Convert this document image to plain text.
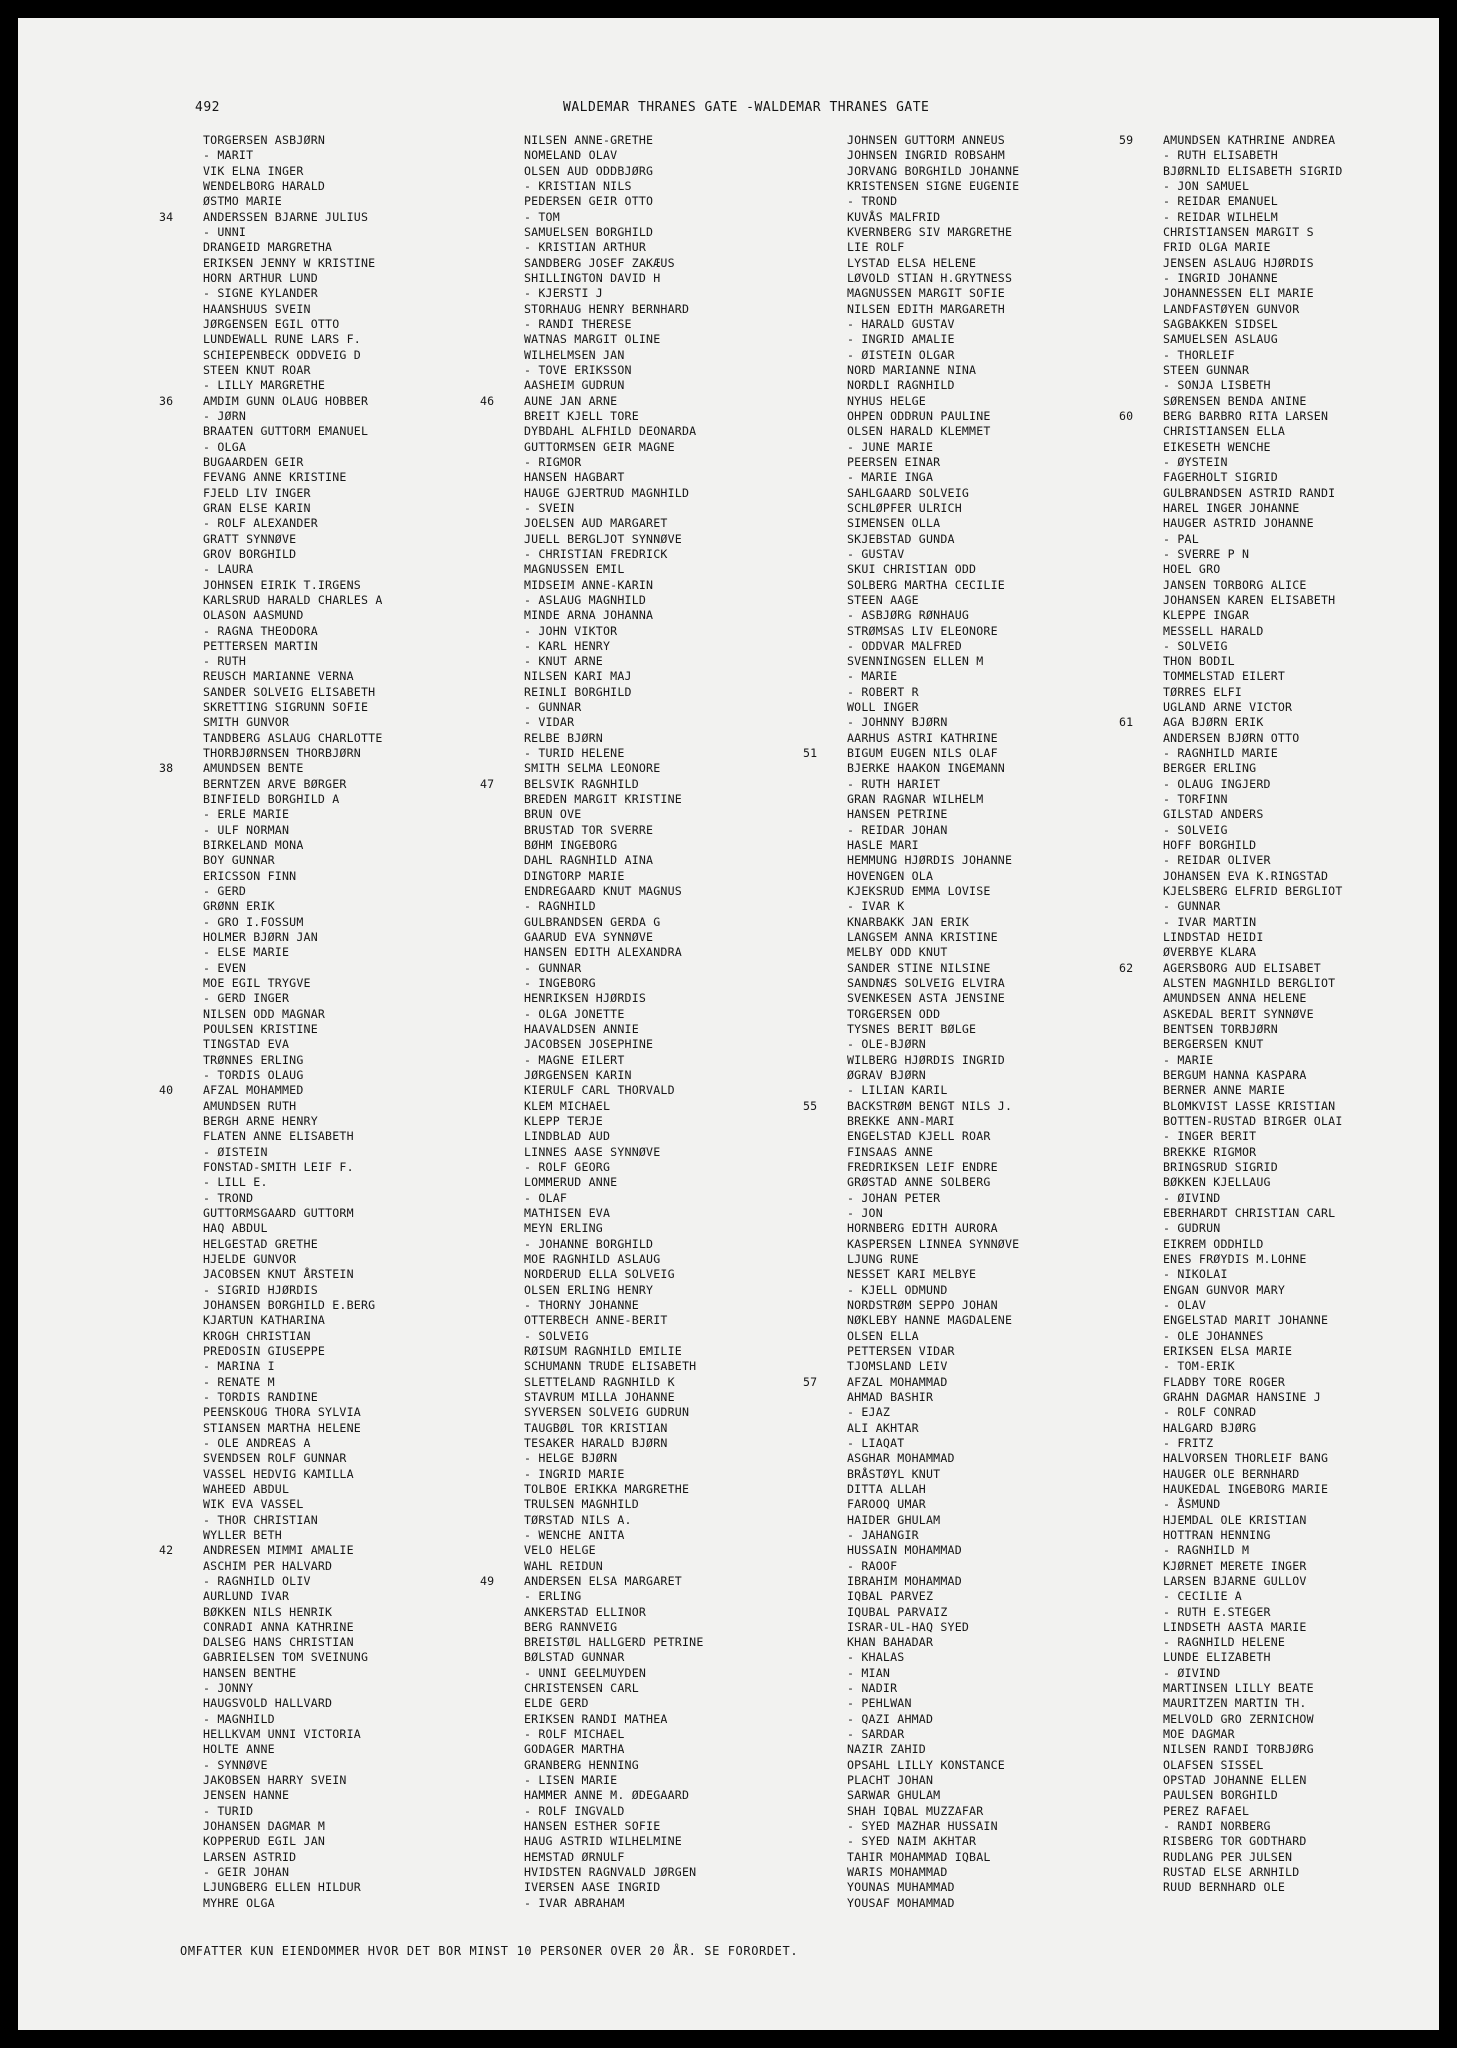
492	WALDEMAR THRANES GATE -WALDEMAR THRANES GATE
TORGERSEN ASBJØRN
- MARIT
VIK ELNA INGER
WENDELBORG HARALD
ØSTMO MARIE
34	ANDERSSEN BJARNE JULIUS
- UNNI
DRANGEID MARGRETHA
ERIKSEN JENNY W KRISTINE
HORN ARTHUR LUND
- SIGNE KYLANDER
HAANSHUUS SVEIN
JØRGENSEN EGIL OTTO
LUNDEWALL RUNE LARS F.
SCHIEPENBECK ODDVEIG D
STEEN KNUT ROAR
- LILLY MARGRETHE
36	AMDIM GUNN OLAUG HOBBER
- JØRN
BRAATEN GUTTORM EMANUEL
- OLGA
BUGAARDEN GEIR
FEVANG ANNE KRISTINE
FJELD LIV INGER
GRAN ELSE KARIN
- ROLF ALEXANDER
GRATT SYNNØVE
GROV BORGHILD
- LAURA
JOHNSEN EIRIK T.IRGENS
KARLSRUD HARALD CHARLES A
OLASON AASMUND
- RAGNA THEODORA
PETTERSEN MARTIN
- RUTH
REUSCH MARIANNE VERNA
SANDER SOLVEIG ELISABETH
SKRETTING SIGRUNN SOFIE
SMITH GUNVOR
TANDBERG ASLAUG CHARLOTTE
THORBJØRNSEN THORBJØRN
38	AMUNDSEN BENTE
BERNTZEN ARVE BØRGER
BINFIELD BORGHILD A
- ERLE MARIE
- ULF NORMAN
BIRKELAND MONA
BOY GUNNAR
ERICSSON FINN
- GERD
GRØNN ERIK
- GRO I.FOSSUM
HOLMER BJØRN JAN
- ELSE MARIE
- EVEN
MOE EGIL TRYGVE
- GERD INGER
NILSEN ODD MAGNAR
POULSEN KRISTINE
TINGSTAD EVA
TRØNNES ERLING
- TORDIS OLAUG
40	AFZAL MOHAMMED
AMUNDSEN RUTH
BERGH ARNE HENRY
FLATEN ANNE ELISABETH
- ØISTEIN
FONSTAD-SMITH LEIF F.
- LILL E.
- TROND
GUTTORMSGAARD GUTTORM
HAQ ABDUL
HELGESTAD GRETHE
HJELDE GUNVOR
JACOBSEN KNUT ÅRSTEIN
- SIGRID HJØRDIS
JOHANSEN BORGHILD E.BERG
KJARTUN KATHARINA
KROGH CHRISTIAN
PREDOSIN GIUSEPPE
- MARINA I
- RENATE M
- TORDIS RANDINE
PEENSKOUG THORA SYLVIA
STIANSEN MARTHA HELENE
- OLE ANDREAS A
SVENDSEN ROLF GUNNAR
VASSEL HEDVIG KAMILLA
WAHEED ABDUL
WIK EVA VASSEL
- THOR CHRISTIAN
WYLLER BETH
42	ANDRESEN MIMMI AMALIE
ASCHIM PER HALVARD
- RAGNHILD OLIV
AURLUND IVAR
BØKKEN NILS HENRIK
CONRADI ANNA KATHRINE
DALSEG HANS CHRISTIAN
GABRIELSEN TOM SVEINUNG
HANSEN BENTHE
- JONNY
HAUGSVOLD HALLVARD
- MAGNHILD
HELLKVAM UNNI VICTORIA
HOLTE ANNE
- SYNNØVE
JAKOBSEN HARRY SVEIN
JENSEN HANNE
- TURID
JOHANSEN DAGMAR M
KOPPERUD EGIL JAN
LARSEN ASTRID
- GEIR JOHAN
LJUNGBERG ELLEN HILDUR
MYHRE OLGA
NILSEN ANNE-GRETHE
NOMELAND OLAV
OLSEN AUD ODDBJØRG
- KRISTIAN NILS
PEDERSEN GEIR OTTO
- TOM
SAMUELSEN BORGHILD
- KRISTIAN ARTHUR
SANDBERG JOSEF ZAKÆUS
SHILLINGTON DAVID H
- KJERSTI J
STORHAUG HENRY BERNHARD
- RANDI THERESE
WATNAS MARGIT OLINE
WILHELMSEN JAN
- TOVE ERIKSSON
AASHEIM GUDRUN
46	AUNE JAN ARNE
BREIT KJELL TORE
DYBDAHL ALFHILD DEONARDA
GUTTORMSEN GEIR MAGNE
- RIGMOR
HANSEN HAGBART
HAUGE GJERTRUD MAGNHILD
- SVEIN
JOELSEN AUD MARGARET
JUELL BERGLJOT SYNNØVE
- CHRISTIAN FREDRICK
MAGNUSSEN EMIL
MIDSEIM ANNE-KARIN
- ASLAUG MAGNHILD
MINDE ARNA JOHANNA
- JOHN VIKTOR
- KARL HENRY
- KNUT ARNE
NILSEN KARI MAJ
REINLI BORGHILD
- GUNNAR
- VIDAR
RELBE BJØRN
- TURID HELENE
SMITH SELMA LEONORE
47	BELSVIK RAGNHILD
BREDEN MARGIT KRISTINE
BRUN OVE
BRUSTAD TOR SVERRE
BØHM INGEBORG
DAHL RAGNHILD AINA
DINGTORP MARIE
ENDREGAARD KNUT MAGNUS
- RAGNHILD
GULBRANDSEN GERDA G
GAARUD EVA SYNNØVE
HANSEN EDITH ALEXANDRA
- GUNNAR
- INGEBORG
HENRIKSEN HJØRDIS
- OLGA JONETTE
HAAVALDSEN ANNIE
JACOBSEN JOSEPHINE
- MAGNE EILERT
JØRGENSEN KARIN
KIERULF CARL THORVALD
KLEM MICHAEL
KLEPP TERJE
LINDBLAD AUD
LINNES AASE SYNNØVE
- ROLF GEORG
LOMMERUD ANNE
- OLAF
MATHISEN EVA
MEYN ERLING
- JOHANNE BORGHILD
MOE RAGNHILD ASLAUG
NORDERUD ELLA SOLVEIG
OLSEN ERLING HENRY
- THORNY JOHANNE
OTTERBECH ANNE-BERIT
- SOLVEIG
RØISUM RAGNHILD EMILIE
SCHUMANN TRUDE ELISABETH
SLETTELAND RAGNHILD K
STAVRUM MILLA JOHANNE
SYVERSEN SOLVEIG GUDRUN
TAUGBØL TOR KRISTIAN
TESAKER HARALD BJØRN
- HELGE BJØRN
- INGRID MARIE
TOLBOE ERIKKA MARGRETHE
TRULSEN MAGNHILD
TØRSTAD NILS A.
- WENCHE ANITA
VELO HELGE
WAHL REIDUN
49	ANDERSEN ELSA MARGARET
- ERLING
ANKERSTAD ELLINOR
BERG RANNVEIG
BREISTØL HALLGERD PETRINE
BØLSTAD GUNNAR
- UNNI GEELMUYDEN
CHRISTENSEN CARL
ELDE GERD
ERIKSEN RANDI MATHEA
- ROLF MICHAEL
GODAGER MARTHA
GRANBERG HENNING
- LISEN MARIE
HAMMER ANNE M. ØDEGAARD
- ROLF INGVALD
HANSEN ESTHER SOFIE
HAUG ASTRID WILHELMINE
HEMSTAD ØRNULF
HVIDSTEN RAGNVALD JØRGEN
IVERSEN AASE INGRID
- IVAR ABRAHAM
JOHNSEN GUTTORM ANNEUS
JOHNSEN INGRID ROBSAHM
JORVANG BORGHILD JOHANNE
KRISTENSEN SIGNE EUGENIE
- TROND
KUVÅS MALFRID
KVERNBERG SIV MARGRETHE
LIE ROLF
LYSTAD ELSA HELENE
LØVOLD STIAN H.GRYTNESS
MAGNUSSEN MARGIT SOFIE
NILSEN EDITH MARGARETH
- HARALD GUSTAV
- INGRID AMALIE
- ØISTEIN OLGAR
NORD MARIANNE NINA
NORDLI RAGNHILD
NYHUS HELGE
OHPEN ODDRUN PAULINE
OLSEN HARALD KLEMMET
- JUNE MARIE
PEERSEN EINAR
- MARIE INGA
SAHLGAARD SOLVEIG
SCHLØPFER ULRICH
SIMENSEN OLLA
SKJEBSTAD GUNDA
- GUSTAV
SKUI CHRISTIAN ODD
SOLBERG MARTHA CECILIE
STEEN AAGE
- ASBJØRG RØNHAUG
STRØMSAS LIV ELEONORE
- ODDVAR MALFRED
SVENNINGSEN ELLEN M
- MARIE
- ROBERT R
WOLL INGER
- JOHNNY BJØRN
AARHUS ASTRI KATHRINE
51	BIGUM EUGEN NILS OLAF
BJERKE HAAKON INGEMANN
- RUTH HARIET
GRAN RAGNAR WILHELM
HANSEN PETRINE
- REIDAR JOHAN
HASLE MARI
HEMMUNG HJØRDIS JOHANNE
HOVENGEN OLA
KJEKSRUD EMMA LOVISE
- IVAR K
KNARBAKK JAN ERIK
LANGSEM ANNA KRISTINE
MELBY ODD KNUT
SANDER STINE NILSINE
SANDNÆS SOLVEIG ELVIRA
SVENKESEN ASTA JENSINE
TORGERSEN ODD
TYSNES BERIT BØLGE
- OLE-BJØRN
WILBERG HJØRDIS INGRID
ØGRAV BJØRN
- LILIAN KARIL
55	BACKSTRØM BENGT NILS J.
BREKKE ANN-MARI
ENGELSTAD KJELL ROAR
FINSAAS ANNE
FREDRIKSEN LEIF ENDRE
GRØSTAD ANNE SOLBERG
- JOHAN PETER
- JON
HORNBERG EDITH AURORA
KASPERSEN LINNEA SYNNØVE
LJUNG RUNE
NESSET KARI MELBYE
- KJELL ODMUND
NORDSTRØM SEPPO JOHAN
NØKLEBY HANNE MAGDALENE
OLSEN ELLA
PETTERSEN VIDAR
TJOMSLAND LEIV
57	AFZAL MOHAMMAD
AHMAD BASHIR
- EJAZ
ALI AKHTAR
- LIAQAT
ASGHAR MOHAMMAD
BRÅSTØYL KNUT
DITTA ALLAH
FAROOQ UMAR
HAIDER GHULAM
- JAHANGIR
HUSSAIN MOHAMMAD
- RAOOF
IBRAHIM MOHAMMAD
IQBAL PARVEZ
IQUBAL PARVAIZ
ISRAR-UL-HAQ SYED
KHAN BAHADAR
- KHALAS
- MIAN
- NADIR
- PEHLWAN
- QAZI AHMAD
- SARDAR
NAZIR ZAHID
OPSAHL LILLY KONSTANCE
PLACHT JOHAN
SARWAR GHULAM
SHAH IQBAL MUZZAFAR
- SYED MAZHAR HUSSAIN
- SYED NAIM AKHTAR
TAHIR MOHAMMAD IQBAL
WARIS MOHAMMAD
YOUNAS MUHAMMAD
YOUSAF MOHAMMAD
59	AMUNDSEN KATHRINE ANDREA
- RUTH ELISABETH
BJØRNLID ELISABETH SIGRID
- JON SAMUEL
- REIDAR EMANUEL
- REIDAR WILHELM
CHRISTIANSEN MARGIT S
FRID OLGA MARIE
JENSEN ASLAUG HJØRDIS
- INGRID JOHANNE
JOHANNESSEN ELI MARIE
LANDFASTØYEN GUNVOR
SAGBAKKEN SIDSEL
SAMUELSEN ASLAUG
- THORLEIF
STEEN GUNNAR
- SONJA LISBETH
SØRENSEN BENDA ANINE
60	BERG BARBRO RITA LARSEN
CHRISTIANSEN ELLA
EIKESETH WENCHE
- ØYSTEIN
FAGERHOLT SIGRID
GULBRANDSEN ASTRID RANDI
HAREL INGER JOHANNE
HAUGER ASTRID JOHANNE
- PAL
- SVERRE P N
HOEL GRO
JANSEN TORBORG ALICE
JOHANSEN KAREN ELISABETH
KLEPPE INGAR
MESSELL HARALD
- SOLVEIG
THON BODIL
TOMMELSTAD EILERT
TØRRES ELFI
UGLAND ARNE VICTOR
61	AGA BJØRN ERIK
ANDERSEN BJØRN OTTO
- RAGNHILD MARIE
BERGER ERLING
- OLAUG INGJERD
- TORFINN
GILSTAD ANDERS
- SOLVEIG
HOFF BORGHILD
- REIDAR OLIVER
JOHANSEN EVA K.RINGSTAD
KJELSBERG ELFRID BERGLIOT
- GUNNAR
- IVAR MARTIN
LINDSTAD HEIDI
ØVERBYE KLARA
62	AGERSBORG AUD ELISABET
ALSTEN MAGNHILD BERGLIOT
AMUNDSEN ANNA HELENE
ASKEDAL BERIT SYNNØVE
BENTSEN TORBJØRN
BERGERSEN KNUT
- MARIE
BERGUM HANNA KASPARA
BERNER ANNE MARIE
BLOMKVIST LASSE KRISTIAN
BOTTEN-RUSTAD BIRGER OLAI
- INGER BERIT
BREKKE RIGMOR
BRINGSRUD SIGRID
BØKKEN KJELLAUG
- ØIVIND
EBERHARDT CHRISTIAN CARL
- GUDRUN
EIKREM ODDHILD
ENES FRØYDIS M.LOHNE
- NIKOLAI
ENGAN GUNVOR MARY
- OLAV
ENGELSTAD MARIT JOHANNE
- OLE JOHANNES
ERIKSEN ELSA MARIE
- TOM-ERIK
FLADBY TORE ROGER
GRAHN DAGMAR HANSINE J
- ROLF CONRAD
HALGARD BJØRG
- FRITZ
HALVORSEN THORLEIF BANG
HAUGER OLE BERNHARD
HAUKEDAL INGEBORG MARIE
- ÅSMUND
HJEMDAL OLE KRISTIAN
HOTTRAN HENNING
- RAGNHILD M
KJØRNET MERETE INGER
LARSEN BJARNE GULLOV
- CECILIE A
- RUTH E.STEGER
LINDSETH AASTA MARIE
- RAGNHILD HELENE
LUNDE ELIZABETH
- ØIVIND
MARTINSEN LILLY BEATE
MAURITZEN MARTIN TH.
MELVOLD GRO ZERNICHOW
MOE DAGMAR
NILSEN RANDI TORBJØRG
OLAFSEN SISSEL
OPSTAD JOHANNE ELLEN
PAULSEN BORGHILD
PEREZ RAFAEL
- RANDI NORBERG
RISBERG TOR GODTHARD
RUDLANG PER JULSEN
RUSTAD ELSE ARNHILD
RUUD BERNHARD OLE
OMFATTER KUN EIENDOMMER HVOR DET BOR MINST 10 PERSONER OVER 20 ÅR. SE FORORDET.
